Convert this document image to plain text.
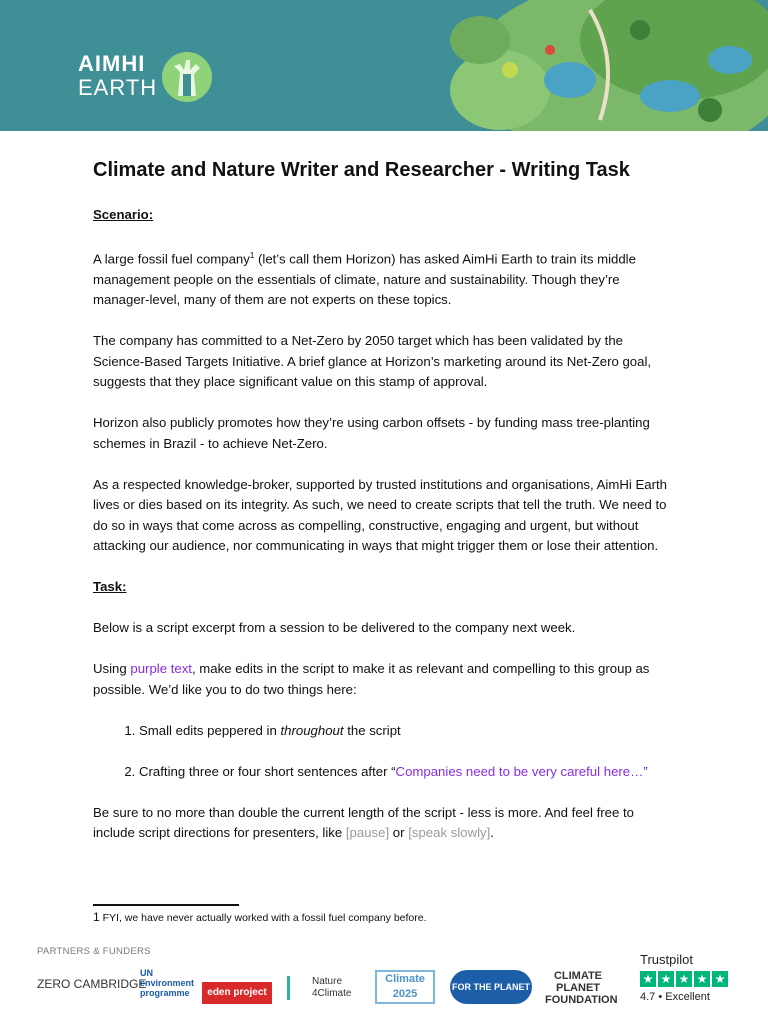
AIMHI
EARTH
Climate and Nature Writer and Researcher - Writing Task

Scenario:

A large fossil fuel company$^1$ (let’s call them Horizon) has asked AimHi Earth to train its middle management people on the essentials of climate, nature and sustainability. Though they’re manager-level, many of them are not experts on these topics.

The company has committed to a Net-Zero by 2050 target which has been validated by the Science-Based Targets Initiative. A brief glance at Horizon’s marketing around its Net-Zero goal, suggests that they place significant value on this stamp of approval.

Horizon also publicly promotes how they’re using carbon offsets - by funding mass tree-planting schemes in Brazil - to achieve Net-Zero.

As a respected knowledge-broker, supported by trusted institutions and organisations, AimHi Earth lives or dies based on its integrity. As such, we need to create scripts that tell the truth. We need to do so in ways that come across as compelling, constructive, engaging and urgent, but without attacking our audience, nor communicating in ways that might trigger them or lose their attention.

Task:

Below is a script excerpt from a session to be delivered to the company next week.

Using purple text, make edits in the script to make it as relevant and compelling to this group as possible. We’d like you to do two things here:

1. Small edits peppered in throughout the script
2. Crafting three or four short sentences after “Companies need to be very careful here…”

Be sure to no more than double the current length of the script - less is more. And feel free to include script directions for presenters, like [pause] or [speak slowly].

1 FYI, we have never actually worked with a fossil fuel company before.
PARTNERS & FUNDERS
ZERO CAMBRIDGE
UN environment programme	eden project
Nature 4Climate
Climate 2025
FOR THE PLANET
CLIMATE PLANET FOUNDATION
Trustpilot
★ ★ ★ ★ ★
4.7 • Excellent
